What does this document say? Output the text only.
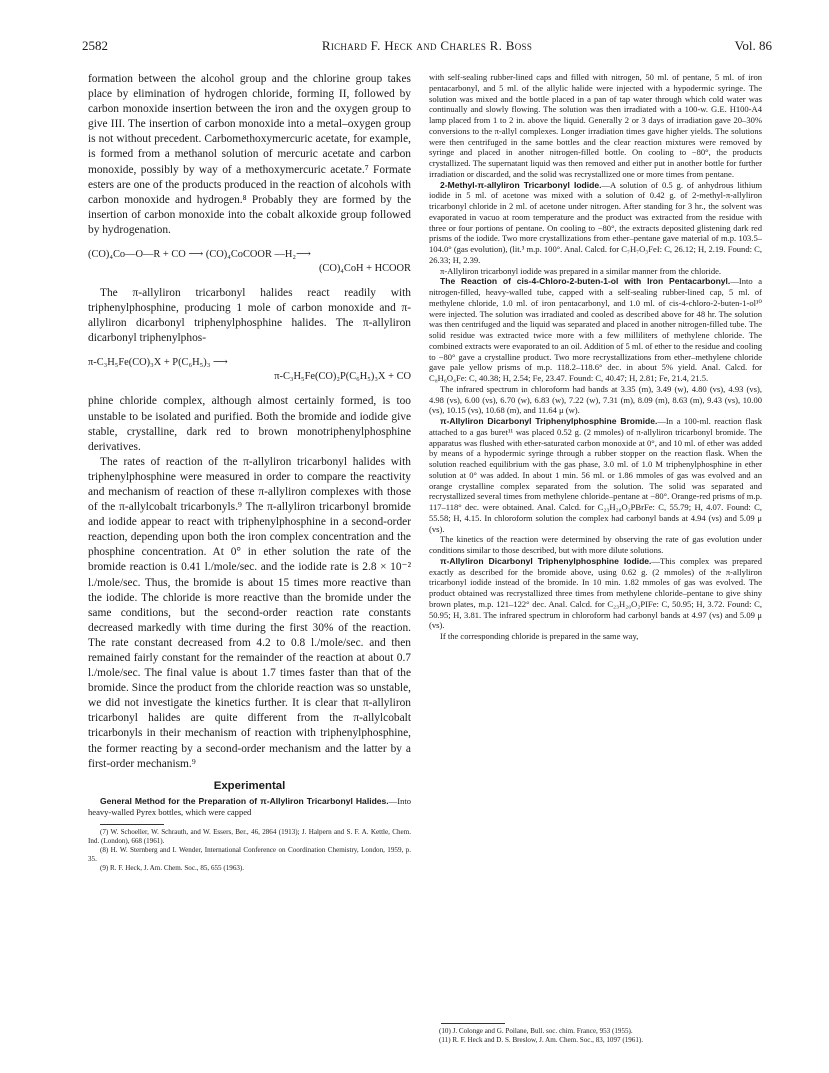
2582	Richard F. Heck and Charles R. Boss	Vol. 86

formation between the alcohol group and the chlorine group takes place by elimination of hydrogen chloride, forming II, followed by carbon monoxide insertion between the iron and the oxygen group to give III. The insertion of carbon monoxide into a metal–oxygen group is not without precedent. Carbomethoxymercuric acetate, for example, is formed from a methanol solution of mercuric acetate and carbon monoxide, possibly by way of a methoxymercuric acetate.⁷ Formate esters are one of the products produced in the reaction of alcohols with carbon monoxide and hydrogen.⁸ Probably they are formed by the insertion of carbon monoxide into the cobalt alkoxide group followed by hydrogenation.

(CO)₄Co—O—R + CO ⟶ (CO)₄CoCOOR —H₂⟶
(CO)₄CoH + HCOOR

The π-allyliron tricarbonyl halides react readily with triphenylphosphine, producing 1 mole of carbon monoxide and π-allyliron dicarbonyl triphenylphosphine halides. The π-allyliron dicarbonyl triphenylphos-

π-C₃H₅Fe(CO)₃X + P(C₆H₅)₃ ⟶
π-C₃H₅Fe(CO)₂P(C₆H₅)₃X + CO

phine chloride complex, although almost certainly formed, is too unstable to be isolated and purified. Both the bromide and iodide give stable, crystalline, dark red to brown monotriphenylphosphine derivatives.

The rates of reaction of the π-allyliron tricarbonyl halides with triphenylphosphine were measured in order to compare the reactivity and mechanism of reaction of these π-allyliron complexes with those of the π-allylcobalt tricarbonyls.⁹ The π-allyliron tricarbonyl bromide and iodide appear to react with triphenylphosphine in a second-order reaction, depending upon both the iron complex concentration and the phosphine concentration. At 0° in ether solution the rate of the bromide reaction is 0.41 l./mole/sec. and the iodide rate is 2.8 × 10⁻² l./mole/sec. Thus, the bromide is about 15 times more reactive than the iodide. The chloride is more reactive than the bromide under the same conditions, but the second-order reaction rate constants decreased markedly with time during the first 30% of the reaction. The rate constant decreased from 4.2 to 0.8 l./mole/sec. and then remained fairly constant for the remainder of the reaction at about 0.7 l./mole/sec. The final value is about 1.7 times faster than that of the bromide. Since the product from the chloride reaction was so unstable, we did not investigate the kinetics further. It is clear that π-allyliron tricarbonyl halides are quite different from the π-allylcobalt tricarbonyls in their mechanism of reaction with triphenylphosphine, the former reacting by a second-order mechanism and the latter by a first-order mechanism.⁹

Experimental

General Method for the Preparation of π-Allyliron Tricarbonyl Halides.—Into heavy-walled Pyrex bottles, which were capped

(7) W. Schoeller, W. Schrauth, and W. Essers, Ber., 46, 2864 (1913); J. Halpern and S. F. A. Kettle, Chem. Ind. (London), 668 (1961).

(8) H. W. Sternberg and I. Wender, International Conference on Coordination Chemistry, London, 1959, p. 35.

(9) R. F. Heck, J. Am. Chem. Soc., 85, 655 (1963).

with self-sealing rubber-lined caps and filled with nitrogen, 50 ml. of pentane, 5 ml. of iron pentacarbonyl, and 5 ml. of the allylic halide were injected with a hypodermic syringe. The solution was mixed and the bottle placed in a pan of tap water through which cold water was continually and slowly flowing. The solution was then irradiated with a 100-w. G.E. H100-A4 lamp placed from 1 to 2 in. above the liquid. Generally 2 or 3 days of irradiation gave 20–30% conversions to the π-allyl complexes. Longer irradiation times gave higher yields. The solutions were then centrifuged in the same bottles and the clear reaction mixtures were removed by syringe and placed in another nitrogen-filled bottle. On cooling to −80°, the products crystallized. The supernatant liquid was then removed and either put in another bottle for further irradiation or discarded, and the solid was recrystallized one or more times from pentane.

2-Methyl-π-allyliron Tricarbonyl Iodide.—A solution of 0.5 g. of anhydrous lithium iodide in 5 ml. of acetone was mixed with a solution of 0.42 g. of 2-methyl-π-allyliron tricarbonyl chloride in 2 ml. of acetone under nitrogen. After standing for 3 hr., the solvent was evaporated in vacuo at room temperature and the product was extracted from the residue with three or four portions of pentane. On cooling to −80°, the extracts deposited glistening dark red prisms of the iodide. Two more crystallizations from ether–pentane gave material of m.p. 103.5–104.0° (gas evolution), (lit.³ m.p. 100°. Anal. Calcd. for C₇H₇O₃FeI: C, 26.12; H, 2.19. Found: C, 26.33; H, 2.39.

π-Allyliron tricarbonyl iodide was prepared in a similar manner from the chloride.

The Reaction of cis-4-Chloro-2-buten-1-ol with Iron Pentacarbonyl.—Into a nitrogen-filled, heavy-walled tube, capped with a self-sealing rubber-lined cap, 5 ml. of methylene chloride, 1.0 ml. of iron pentacarbonyl, and 1.0 ml. of cis-4-chloro-2-buten-1-ol¹⁰ were injected. The solution was irradiated and cooled as described above for 48 hr. The solution was then centrifuged and the liquid was separated and placed in another nitrogen-filled tube. The solid residue was extracted twice more with a few milliliters of methylene chloride. The combined extracts were evaporated to an oil. Addition of 5 ml. of ether to the residue and cooling to −80° gave a crystalline product. Two more recrystallizations from ether–methylene chloride gave pale yellow prisms of m.p. 118.2–118.6° dec. in about 5% yield. Anal. Calcd. for C₈H₆O₄Fe: C, 40.38; H, 2.54; Fe, 23.47. Found: C, 40.47; H, 2.81; Fe, 21.4, 21.5.

The infrared spectrum in chloroform had bands at 3.35 (m), 3.49 (w), 4.80 (vs), 4.93 (vs), 4.98 (vs), 6.00 (vs), 6.70 (w), 6.83 (w), 7.22 (w), 7.31 (m), 8.09 (m), 8.63 (m), 9.43 (vs), 10.00 (vs), 10.15 (vs), 10.68 (m), and 11.64 μ (w).

π-Allyliron Dicarbonyl Triphenylphosphine Bromide.—In a 100-ml. reaction flask attached to a gas buret¹¹ was placed 0.52 g. (2 mmoles) of π-allyliron tricarbonyl bromide. The apparatus was flushed with ether-saturated carbon monoxide at 0°, and 10 ml. of ether was added by means of a hypodermic syringe through a rubber stopper on the reaction flask. When the solution reached equilibrium with the gas phase, 3.0 ml. of 1.0 M triphenylphosphine in ether solution at 0° was added. In about 1 min. 56 ml. or 1.86 mmoles of gas was evolved and an orange crystalline complex separated from the solution. The solid was separated and recrystallized several times from methylene chloride–pentane at −80°. Orange-red prisms of m.p. 117–118° dec. were obtained. Anal. Calcd. for C₂₃H₂₀O₂PBrFe: C, 55.79; H, 4.07. Found: C, 55.58; H, 4.15. In chloroform solution the complex had carbonyl bands at 4.94 (vs) and 5.09 μ (vs).

The kinetics of the reaction were determined by observing the rate of gas evolution under conditions similar to those described, but with more dilute solutions.

π-Allyliron Dicarbonyl Triphenylphosphine Iodide.—This complex was prepared exactly as described for the bromide above, using 0.62 g. (2 mmoles) of the π-allyliron tricarbonyl iodide instead of the bromide. In 10 min. 1.82 mmoles of gas was evolved. The product obtained was recrystallized three times from methylene chloride–pentane to give shiny brown plates, m.p. 121–122° dec. Anal. Calcd. for C₂₃H₂₀O₂PIFe: C, 50.95; H, 3.72. Found: C, 50.95; H, 3.81. The infrared spectrum in chloroform had carbonyl bands at 4.97 (vs) and 5.09 μ (vs).

If the corresponding chloride is prepared in the same way,

(10) J. Colonge and G. Poilane, Bull. soc. chim. France, 953 (1955).

(11) R. F. Heck and D. S. Breslow, J. Am. Chem. Soc., 83, 1097 (1961).
